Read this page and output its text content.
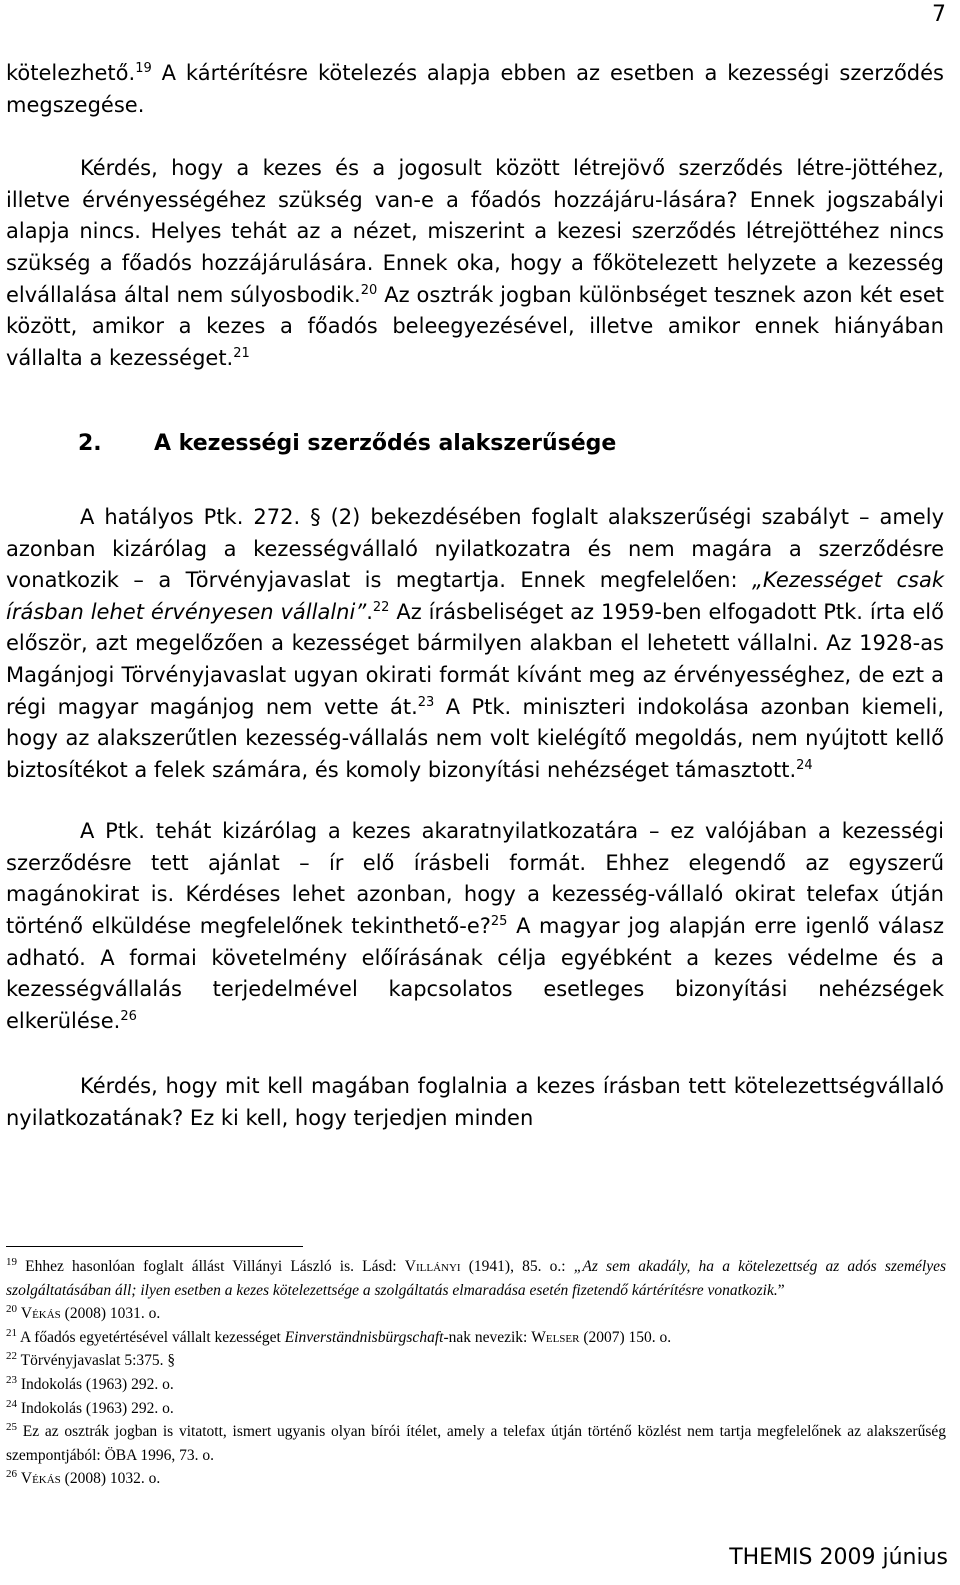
7

kötelezhető.$^{19}$ A kártérítésre kötelezés alapja ebben az esetben a kezességi szerződés megszegése.

Kérdés, hogy a kezes és a jogosult között létrejövő szerződés létre-jöttéhez, illetve érvényességéhez szükség van-e a főadós hozzájáru-lására? Ennek jogszabályi alapja nincs. Helyes tehát az a nézet, miszerint a kezesi szerződés létrejöttéhez nincs szükség a főadós hozzájárulására. Ennek oka, hogy a főkötelezett helyzete a kezesség elvállalása által nem súlyosbodik.$^{20}$ Az osztrák jogban különbséget tesznek azon két eset között, amikor a kezes a főadós beleegyezésével, illetve amikor ennek hiányában vállalta a kezességet.$^{21}$

2. A kezességi szerződés alakszerűsége

A hatályos Ptk. 272. § (2) bekezdésében foglalt alakszerűségi szabályt – amely azonban kizárólag a kezességvállaló nyilatkozatra és nem magára a szerződésre vonatkozik – a Törvényjavaslat is megtartja. Ennek megfelelően: „Kezességet csak írásban lehet érvényesen vállalni”.$^{22}$ Az írásbeliséget az 1959-ben elfogadott Ptk. írta elő először, azt megelőzően a kezességet bármilyen alakban el lehetett vállalni. Az 1928-as Magánjogi Törvényjavaslat ugyan okirati formát kívánt meg az érvényességhez, de ezt a régi magyar magánjog nem vette át.$^{23}$ A Ptk. miniszteri indokolása azonban kiemeli, hogy az alakszerűtlen kezesség-vállalás nem volt kielégítő megoldás, nem nyújtott kellő biztosítékot a felek számára, és komoly bizonyítási nehézséget támasztott.$^{24}$

A Ptk. tehát kizárólag a kezes akaratnyilatkozatára – ez valójában a kezességi szerződésre tett ajánlat – ír elő írásbeli formát. Ehhez elegendő az egyszerű magánokirat is. Kérdéses lehet azonban, hogy a kezesség-vállaló okirat telefax útján történő elküldése megfelelőnek tekinthető-e?$^{25}$ A magyar jog alapján erre igenlő válasz adható. A formai követelmény előírásának célja egyébként a kezes védelme és a kezességvállalás terjedelmével kapcsolatos esetleges bizonyítási nehézségek elkerülése.$^{26}$

Kérdés, hogy mit kell magában foglalnia a kezes írásban tett kötelezettségvállaló nyilatkozatának? Ez ki kell, hogy terjedjen minden

$^{19}$ Ehhez hasonlóan foglalt állást Villányi László is. Lásd: Villányi (1941), 85. o.: „Az sem akadály, ha a kötelezettség az adós személyes szolgáltatásában áll; ilyen esetben a kezes kötelezettsége a szolgáltatás elmaradása esetén fizetendő kártérítésre vonatkozik.”

$^{20}$ Vékás (2008) 1031. o.

$^{21}$ A főadós egyetértésével vállalt kezességet Einverständnisbürgschaft-nak nevezik: Welser (2007) 150. o.

$^{22}$ Törvényjavaslat 5:375. §

$^{23}$ Indokolás (1963) 292. o.

$^{24}$ Indokolás (1963) 292. o.

$^{25}$ Ez az osztrák jogban is vitatott, ismert ugyanis olyan bírói ítélet, amely a telefax útján történő közlést nem tartja megfelelőnek az alakszerűség szempontjából: ÖBA 1996, 73. o.

$^{26}$ Vékás (2008) 1032. o.

THEMIS 2009 június
